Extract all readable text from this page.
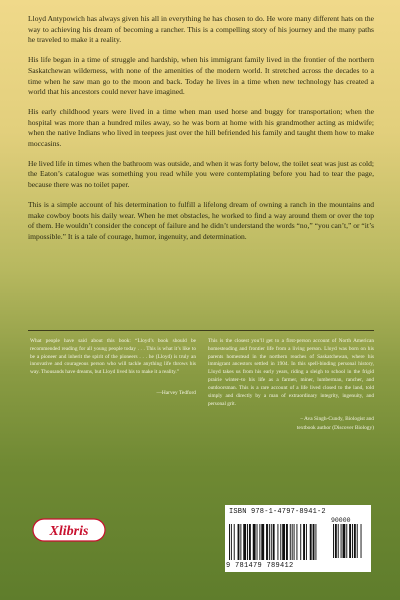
Lloyd Antypowich has always given his all in everything he has chosen to do. He wore many different hats on the way to achieving his dream of becoming a rancher. This is a compelling story of his journey and the many paths he traveled to make it a reality.

His life began in a time of struggle and hardship, when his immigrant family lived in the frontier of the northern Saskatchewan wilderness, with none of the amenities of the modern world. It stretched across the decades to a time when he saw man go to the moon and back. Today he lives in a time when new technology has created a world that his ancestors could never have imagined.

His early childhood years were lived in a time when man used horse and buggy for transportation; when the hospital was more than a hundred miles away, so he was born at home with his grandmother acting as midwife; when the native Indians who lived in teepees just over the hill befriended his family and taught them how to make moccasins.

He lived life in times when the bathroom was outside, and when it was forty below, the toilet seat was just as cold; the Eaton’s catalogue was something you read while you were contemplating before you had to tear the page, because there was no toilet paper.

This is a simple account of his determination to fulfill a lifelong dream of owning a ranch in the mountains and make cowboy boots his daily wear. When he met obstacles, he worked to find a way around them or over the top of them. He wouldn’t consider the concept of failure and he didn’t understand the words “no,” “you can’t,” or “it’s impossible.” It is a tale of courage, humor, ingenuity, and determination.

What people have said about this book: “Lloyd’s book should be recommended reading for all young people today . . . This is what it’s like to be a pioneer and inherit the spirit of the pioneers . . . he (Lloyd) is truly an innovative and courageous person who will tackle anything life throws his way. Thousands have dreams, but Lloyd lived his to make it a reality.”

—Harvey Tedford

This is the closest you’ll get to a first-person account of North American homesteading and frontier life from a living person. Lloyd was born on his parents homestead in the northern reaches of Saskatchewan, where his immigrant ancestors settled in 1904. In this spell-binding personal history, Lloyd takes us from his early years, riding a sleigh to school in the frigid prairie winter–to his life as a farmer, miner, lumberman, rancher, and outdoorsman. This is a rare account of a life lived closed to the land, told simply and directly by a man of extraordinary integrity, ingenuity, and personal grit.

– Ava Singh-Cundy, Biologist and
textbook author (Discover Biology)
Xlibris
ISBN 978-1-4797-8941-2
90000
9 781479 789412
